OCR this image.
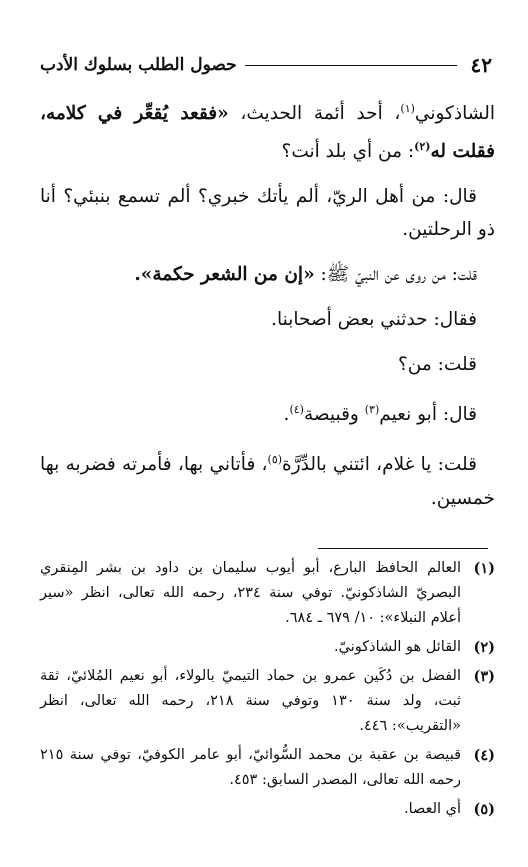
٤٢
حصول الطلب بسلوك الأدب

الشاذكوني$^{(١)}$، أحد أئمة الحديث، «فقعد يُقعِّر في كلامه، فقلت له$^{(٢)}$: من أي بلد أنت؟

قال: من أهل الريّ، ألم يأتك خبري؟ ألم تسمع بنبئي؟ أنا ذو الرحلتين.

قلت: من روى عن النبيّ ﷺ: «إن من الشعر حكمة».

فقال: حدثني بعض أصحابنا.

قلت: من؟

قال: أبو نعيم$^{(٣)}$ وقبيصة$^{(٤)}$.

قلت: يا غلام، ائتني بالدِّرَّة$^{(٥)}$، فأتاني بها، فأمرته فضربه بها خمسين.

(١)
العالم الحافظ البارع، أبو أيوب سليمان بن داود بن بشر المِنقري البصريّ الشاذكونيّ. توفي سنة ٢٣٤، رحمه الله تعالى، انظر «سير أعلام النبلاء»: ١٠/ ٦٧٩ ـ ٦٨٤.
(٢)
القائل هو الشاذكونيّ.
(٣)
الفضل بن دُكَين عمرو بن حماد التيميّ بالولاء، أبو نعيم المُلائيّ، ثقة ثبت، ولد سنة ١٣٠ وتوفي سنة ٢١٨، رحمه الله تعالى، انظر «التقريب»: ٤٤٦.
(٤)
قبيصة بن عقبة بن محمد السُّوائيّ، أبو عامر الكوفيّ، توفي سنة ٢١٥ رحمه الله تعالى، المصدر السابق: ٤٥٣.
(٥)
أي العصا.
